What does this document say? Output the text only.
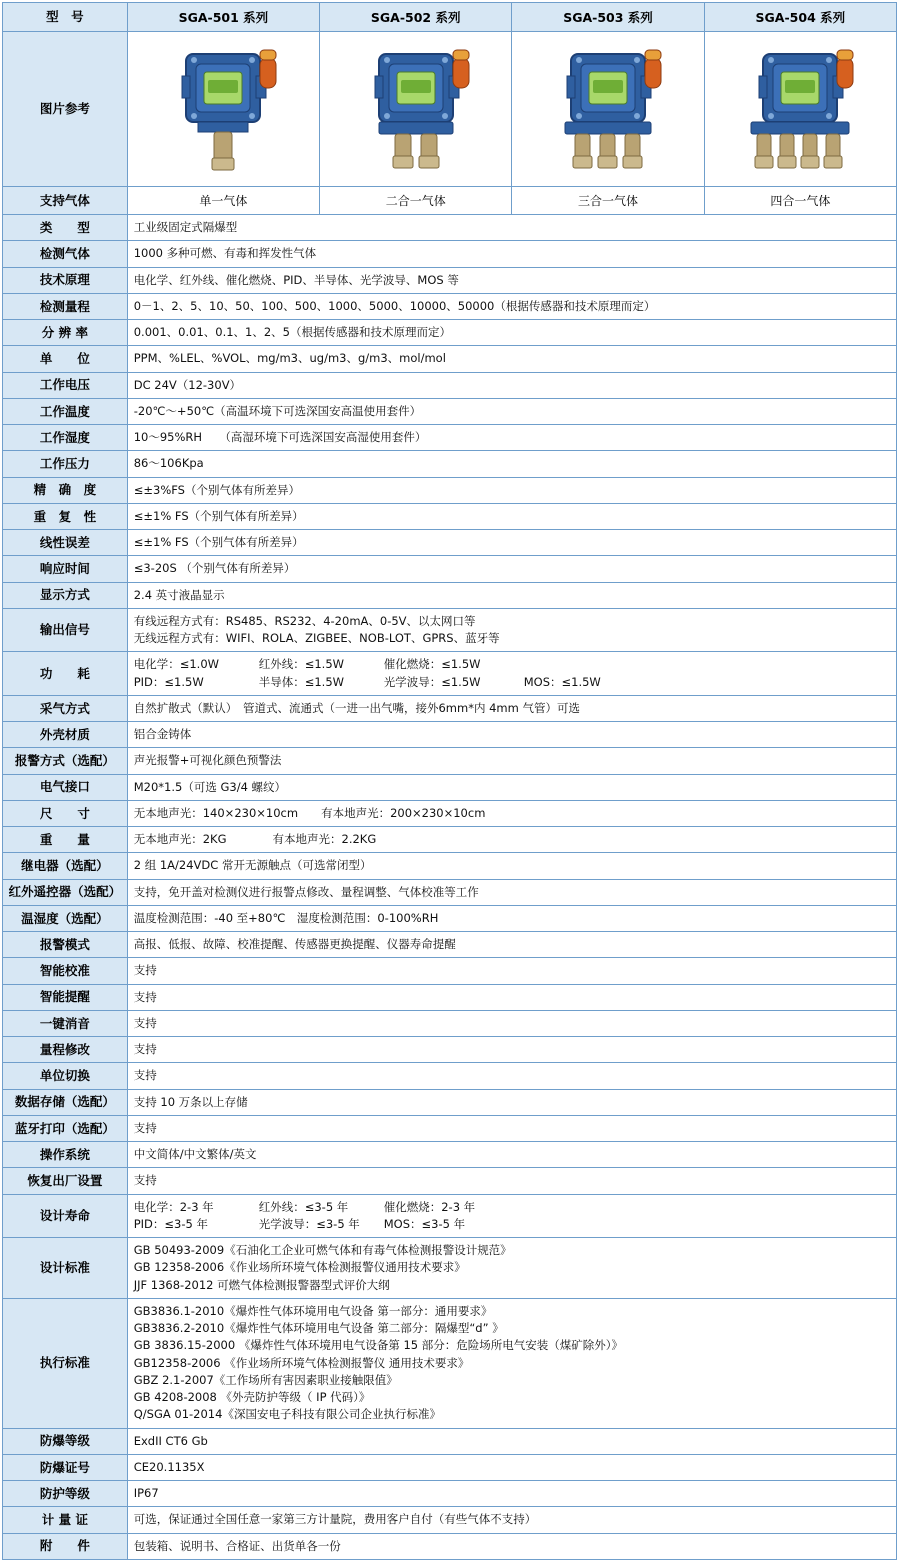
型　号	SGA-501 系列	SGA-502 系列	SGA-503 系列	SGA-504 系列
图片参考	

支持气体	单一气体	二合一气体	三合一气体	四合一气体
类　　型	工业级固定式隔爆型			
检测气体	1000 多种可燃、有毒和挥发性气体			
技术原理	电化学、红外线、催化燃烧、PID、半导体、光学波导、MOS 等			
检测量程	0－1、2、5、10、50、100、500、1000、5000、10000、50000（根据传感器和技术原理而定）			
分 辨 率	0.001、0.01、0.1、1、2、5（根据传感器和技术原理而定）			
单　　位	PPM、%LEL、%VOL、mg/m3、ug/m3、g/m3、mol/mol			
工作电压	DC 24V（12-30V）			
工作温度	-20℃～+50℃（高温环境下可选深国安高温使用套件）			
工作湿度	10～95%RH　　（高湿环境下可选深国安高湿使用套件）			
工作压力	86～106Kpa			
精　确　度	≤±3%FS（个别气体有所差异）			
重　复　性	≤±1% FS（个别气体有所差异）			
线性误差	≤±1% FS（个别气体有所差异）			
响应时间	≤3-20S （个别气体有所差异）			
显示方式	2.4 英寸液晶显示			
输出信号	有线远程方式有：RS485、RS232、4-20mA、0-5V、以太网口等
无线远程方式有：WIFI、ROLA、ZIGBEE、NOB-LOT、GPRS、蓝牙等			

功　　耗	
电化学：≤1.0W	红外线：≤1.5W	催化燃烧：≤1.5W
PID：≤1.5W	半导体：≤1.5W	光学波导：≤1.5W	MOS：≤1.5W

采气方式	自然扩散式（默认）　管道式、流通式（一进一出气嘴，接外6mm*内 4mm 气管）可选			
外壳材质	铝合金铸体			
报警方式（选配）	声光报警+可视化颜色预警法			
电气接口	M20*1.5（可选 G3/4 螺纹）			
尺　　寸	无本地声光：140×230×10cm　　有本地声光：200×230×10cm			
重　　量	无本地声光：2KG　　　　有本地声光：2.2KG			
继电器（选配）	2 组 1A/24VDC 常开无源触点（可选常闭型）			
红外遥控器（选配）	支持，免开盖对检测仪进行报警点修改、量程调整、气体校准等工作			
温湿度（选配）	温度检测范围：-40 至+80℃　湿度检测范围：0-100%RH			
报警模式	高报、低报、故障、校准提醒、传感器更换提醒、仪器寿命提醒			
智能校准	支持			
智能提醒	支持			
一键消音	支持			
量程修改	支持			
单位切换	支持			
数据存储（选配）	支持 10 万条以上存储			
蓝牙打印（选配）	支持			
操作系统	中文简体/中文繁体/英文			
恢复出厂设置	支持			
设计寿命	
电化学：2-3 年	红外线：≤3-5 年	催化燃烧：2-3 年
PID：≤3-5 年	光学波导：≤3-5 年	MOS：≤3-5 年

设计标准	GB 50493-2009《石油化工企业可燃气体和有毒气体检测报警设计规范》
GB 12358-2006《作业场所环境气体检测报警仪通用技术要求》
JJF 1368-2012 可燃气体检测报警器型式评价大纲			

执行标准	
GB3836.1-2010《爆炸性气体环境用电气设备 第一部分：通用要求》
GB3836.2-2010《爆炸性气体环境用电气设备 第二部分：隔爆型“d” 》
GB 3836.15-2000 《爆炸性气体环境用电气设备第 15 部分：危险场所电气安装（煤矿除外）》
GB12358-2006 《作业场所环境气体检测报警仪 通用技术要求》
GBZ 2.1-2007《工作场所有害因素职业接触限值》
GB 4208-2008 《外壳防护等级（ IP 代码）》
Q/SGA 01-2014《深国安电子科技有限公司企业执行标准》

防爆等级	ExdII CT6 Gb			
防爆证号	CE20.1135X			
防护等级	IP67			
计 量 证	可选，保证通过全国任意一家第三方计量院，费用客户自付（有些气体不支持）			
附　　件	包装箱、说明书、合格证、出货单各一份			
